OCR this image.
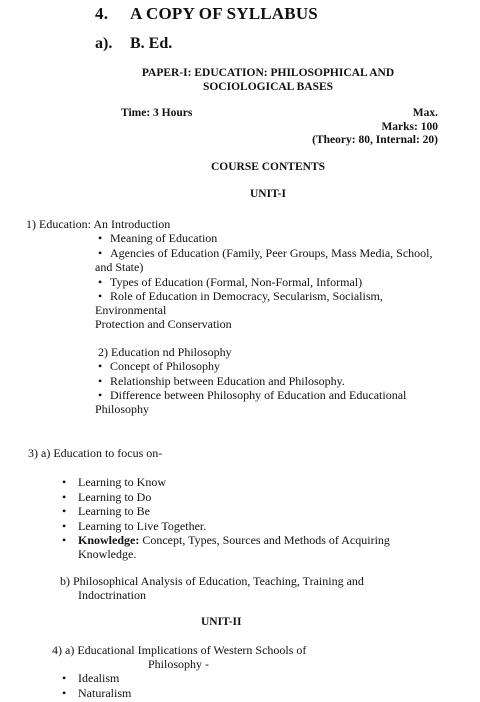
4. A COPY OF SYLLABUS
a). B. Ed.
PAPER-I: EDUCATION: PHILOSOPHICAL AND
SOCIOLOGICAL BASES
Time: 3 Hours	Max.
Marks: 100
(Theory: 80, Internal: 20)
COURSE CONTENTS
UNIT-I
1) Education: An Introduction
• Meaning of Education
• Agencies of Education (Family, Peer Groups, Mass Media, School,
and State)
• Types of Education (Formal, Non-Formal, Informal)
• Role of Education in Democracy, Secularism, Socialism,
Environmental
Protection and Conservation
2) Education nd Philosophy
• Concept of Philosophy
• Relationship between Education and Philosophy.
• Difference between Philosophy of Education and Educational
Philosophy
3) a) Education to focus on-
• Learning to Know
• Learning to Do
• Learning to Be
• Learning to Live Together.
• Knowledge: Concept, Types, Sources and Methods of Acquiring
Knowledge.
b) Philosophical Analysis of Education, Teaching, Training and
Indoctrination
UNIT-II
4) a) Educational Implications of Western Schools of
Philosophy -
• Idealism
• Naturalism
